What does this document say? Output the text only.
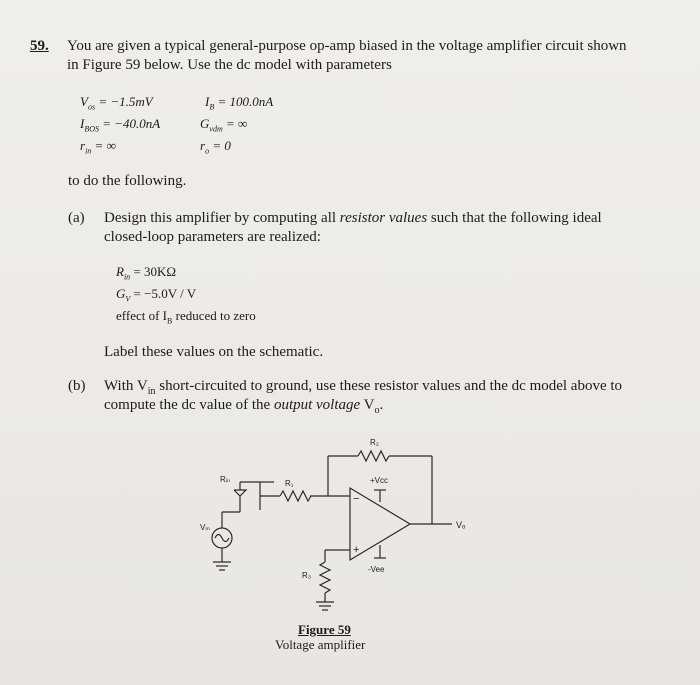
59. You are given a typical general-purpose op-amp biased in the voltage amplifier circuit shown
in Figure 59 below. Use the dc model with parameters
$V_{os} = -1.5mV$	$I_B = 100.0nA$
$I_{BOS} = -40.0nA$	$G_{vdm}$ = ∞
$r_{in}$ = ∞	$r_o = 0$
to do the following.
(a) Design this amplifier by computing all resistor values such that the following ideal
closed-loop parameters are realized:
$R_{in} = 30K\Omega$
$G_V = -5.0V / V$
effect of $I_B$ reduced to zero
Label these values on the schematic.
(b) With $V_{in}$ short-circuited to ground, use these resistor values and the dc model above to
compute the dc value of the output voltage $V_o$.
−
+
Vₒ
R₂
R₁
Rᵢₙ
Vᵢₙ
R₃
+Vcc
-Vee
Figure 59
Voltage amplifier
